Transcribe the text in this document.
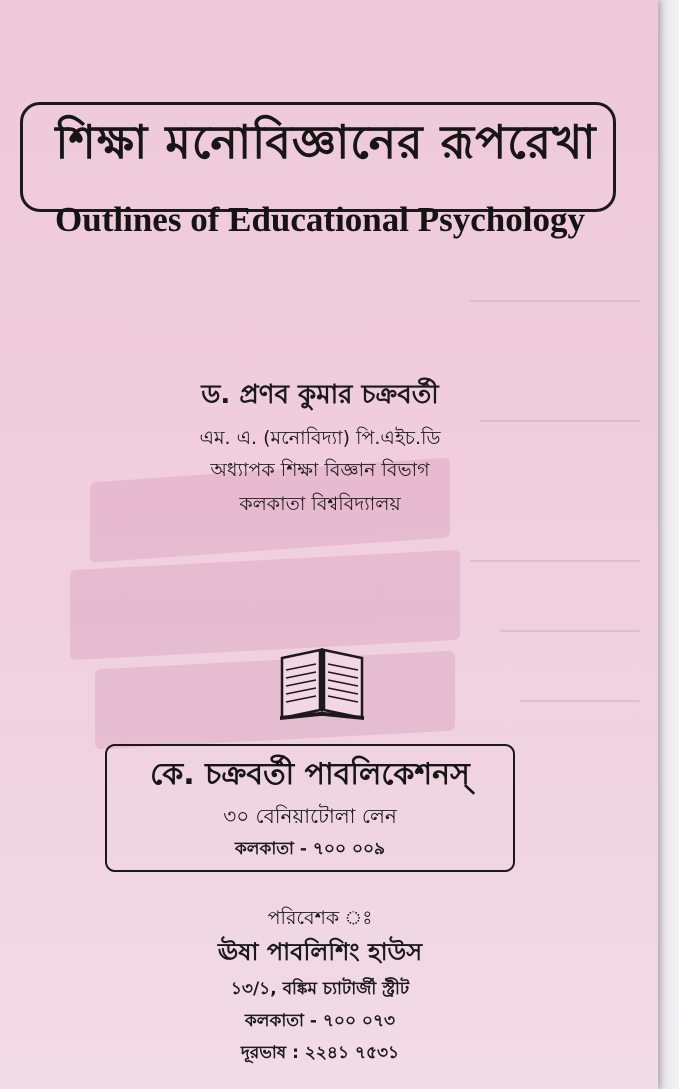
শিক্ষা মনোবিজ্ঞানের রূপরেখা
Outlines of Educational Psychology
ড. প্রণব কুমার চক্রবর্তী
এম. এ. (মনোবিদ্যা) পি.এইচ.ডি
অধ্যাপক শিক্ষা বিজ্ঞান বিভাগ
কলকাতা বিশ্ববিদ্যালয়
কে. চক্রবর্তী পাবলিকেশনস্
৩০ বেনিয়াটোলা লেন
কলকাতা - ৭০০ ০০৯
পরিবেশক ঃ
ঊষা পাবলিশিং হাউস
১৩/১, বঙ্কিম চ্যাটার্জী স্ট্রীট
কলকাতা - ৭০০ ০৭৩
দূরভাষ : ২২৪১ ৭৫৩১
